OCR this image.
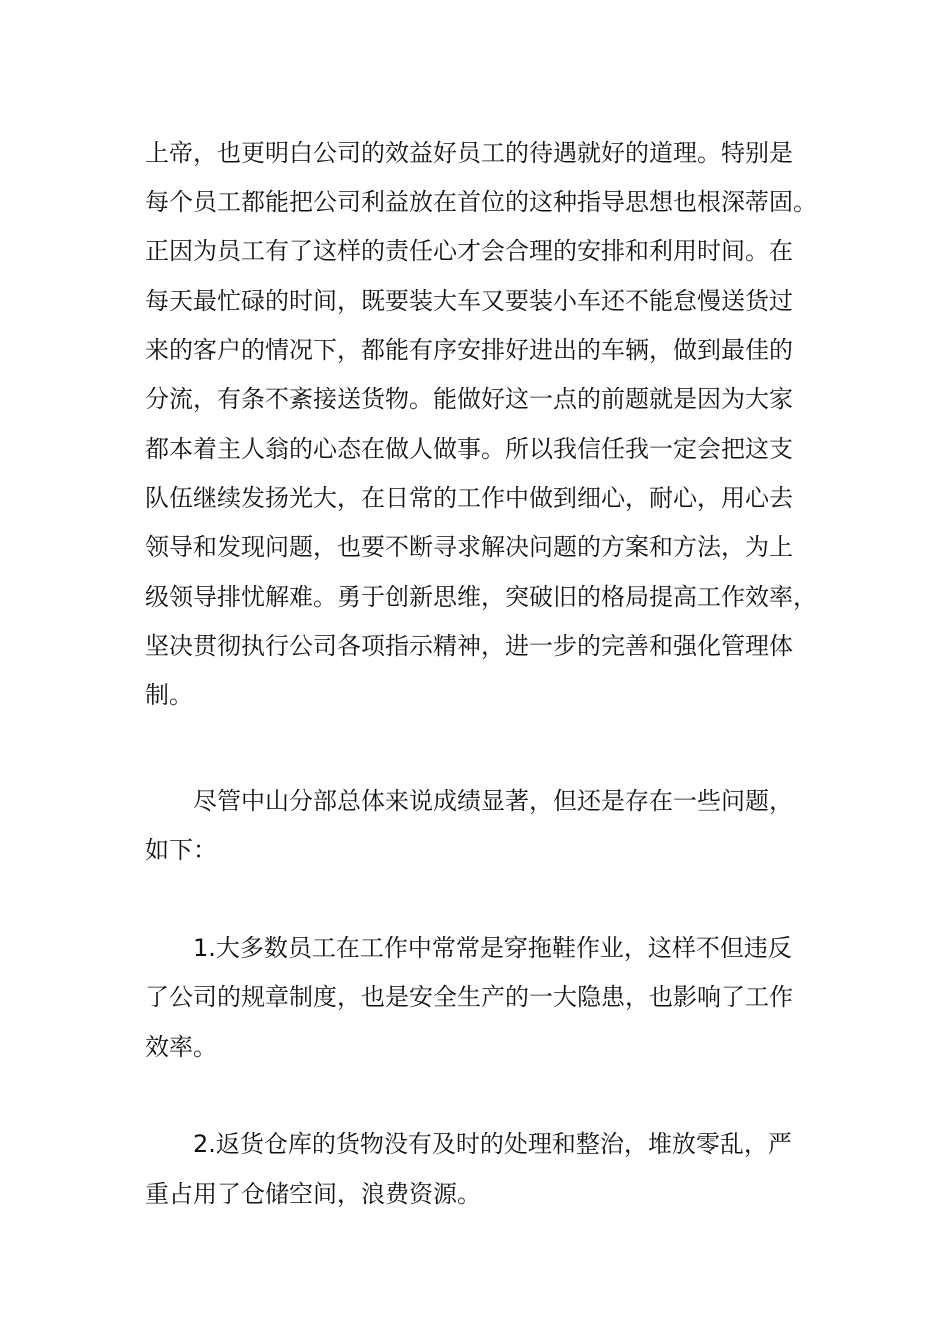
上帝，也更明白公司的效益好员工的待遇就好的道理。特别是
每个员工都能把公司利益放在首位的这种指导思想也根深蒂固。
正因为员工有了这样的责任心才会合理的安排和利用时间。在
每天最忙碌的时间，既要装大车又要装小车还不能怠慢送货过
来的客户的情况下，都能有序安排好进出的车辆，做到最佳的
分流，有条不紊接送货物。能做好这一点的前题就是因为大家
都本着主人翁的心态在做人做事。所以我信任我一定会把这支
队伍继续发扬光大，在日常的工作中做到细心，耐心，用心去
领导和发现问题，也要不断寻求解决问题的方案和方法，为上
级领导排忧解难。勇于创新思维，突破旧的格局提高工作效率，
坚决贯彻执行公司各项指示精神，进一步的完善和强化管理体
制。
尽管中山分部总体来说成绩显著，但还是存在一些问题，
如下：
1.大多数员工在工作中常常是穿拖鞋作业，这样不但违反
了公司的规章制度，也是安全生产的一大隐患，也影响了工作
效率。
2.返货仓库的货物没有及时的处理和整治，堆放零乱，严
重占用了仓储空间，浪费资源。
